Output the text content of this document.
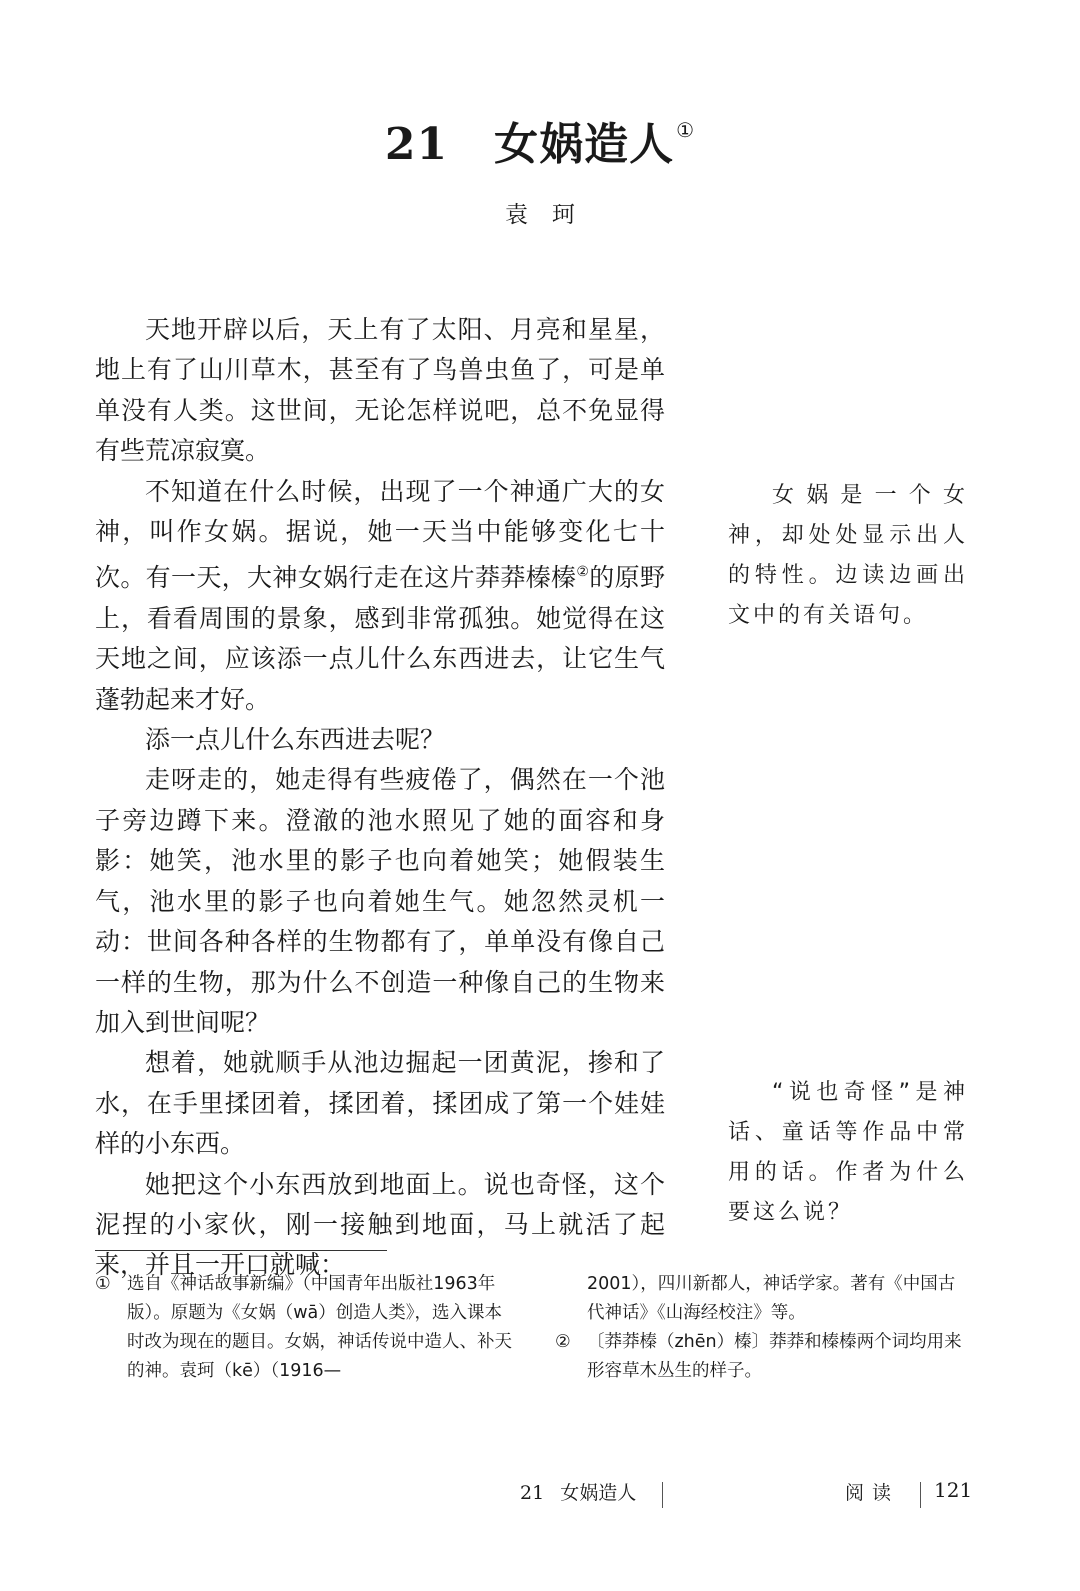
21 女娲造人 ①
袁珂

天地开辟以后，天上有了太阳、月亮和星星，地上有了山川草木，甚至有了鸟兽虫鱼了，可是单单没有人类。这世间，无论怎样说吧，总不免显得有些荒凉寂寞。

不知道在什么时候，出现了一个神通广大的女神，叫作女娲。据说，她一天当中能够变化七十次。有一天，大神女娲行走在这片莽莽榛榛②的原野上，看看周围的景象，感到非常孤独。她觉得在这天地之间，应该添一点儿什么东西进去，让它生气蓬勃起来才好。

添一点儿什么东西进去呢？

走呀走的，她走得有些疲倦了，偶然在一个池子旁边蹲下来。澄澈的池水照见了她的面容和身影：她笑，池水里的影子也向着她笑；她假装生气，池水里的影子也向着她生气。她忽然灵机一动：世间各种各样的生物都有了，单单没有像自己一样的生物，那为什么不创造一种像自己的生物来加入到世间呢？

想着，她就顺手从池边掘起一团黄泥，掺和了水，在手里揉团着，揉团着，揉团成了第一个娃娃样的小东西。

她把这个小东西放到地面上。说也奇怪，这个泥捏的小家伙，刚一接触到地面，马上就活了起来，并且一开口就喊：

女娲是一个女神，却处处显示出人的特性。边读边画出文中的有关语句。

“说也奇怪”是神话、童话等作品中常用的话。作者为什么要这么说？

① 选自《神话故事新编》（中国青年出版社1963年版）。原题为《女娲（wā）创造人类》，选入课本时改为现在的题目。女娲，神话传说中造人、补天的神。袁珂（kē）（1916—

2001），四川新都人，神话学家。著有《中国古代神话》《山海经校注》等。

② 〔莽莽榛（zhēn）榛〕莽莽和榛榛两个词均用来形容草木丛生的样子。

21 女娲造人	阅读 121
